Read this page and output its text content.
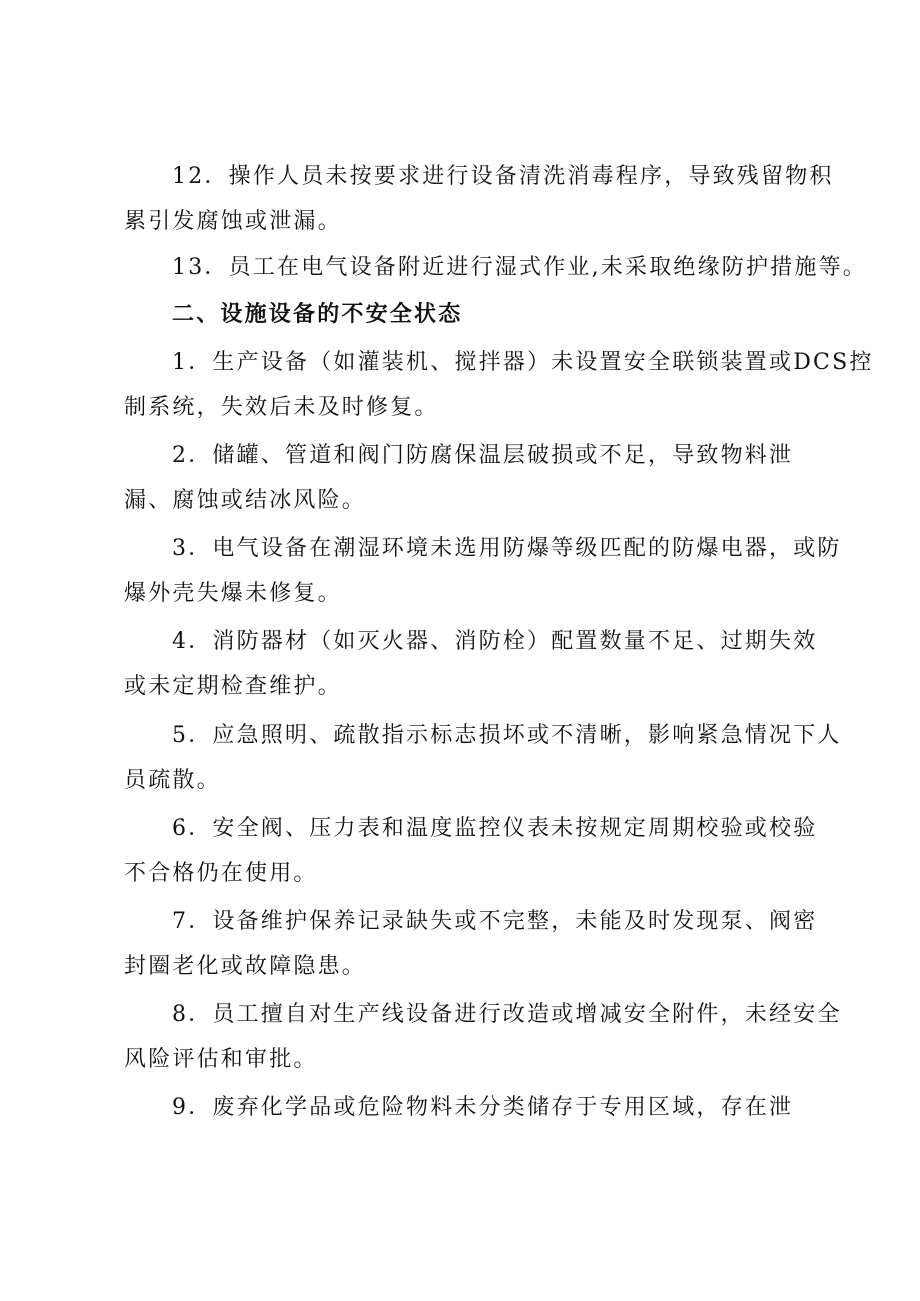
12．操作人员未按要求进行设备清洗消毒程序，导致残留物积
累引发腐蚀或泄漏。

13．员工在电气设备附近进行湿式作业,未采取绝缘防护措施等。

二、设施设备的不安全状态

1．生产设备（如灌装机、搅拌器）未设置安全联锁装置或DCS控
制系统，失效后未及时修复。

2．储罐、管道和阀门防腐保温层破损或不足，导致物料泄
漏、腐蚀或结冰风险。

3．电气设备在潮湿环境未选用防爆等级匹配的防爆电器，或防
爆外壳失爆未修复。

4．消防器材（如灭火器、消防栓）配置数量不足、过期失效
或未定期检查维护。

5．应急照明、疏散指示标志损坏或不清晰，影响紧急情况下人
员疏散。

6．安全阀、压力表和温度监控仪表未按规定周期校验或校验
不合格仍在使用。

7．设备维护保养记录缺失或不完整，未能及时发现泵、阀密
封圈老化或故障隐患。

8．员工擅自对生产线设备进行改造或增减安全附件，未经安全
风险评估和审批。

9．废弃化学品或危险物料未分类储存于专用区域，存在泄
